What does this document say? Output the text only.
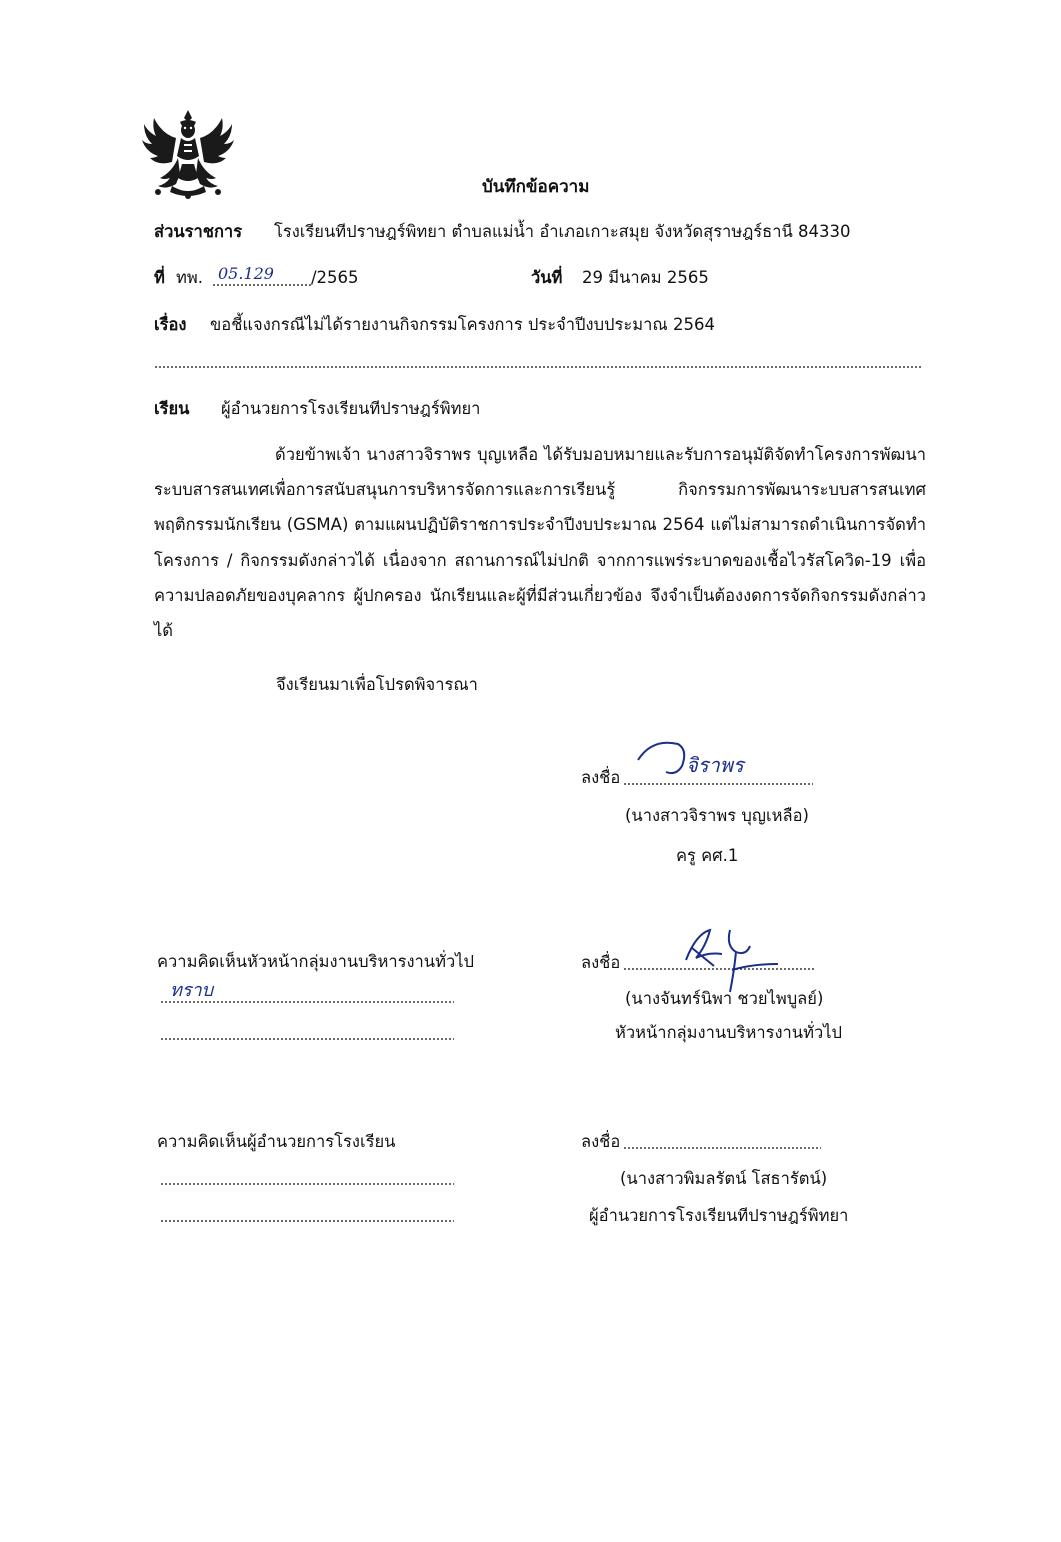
บันทึกข้อความ
ส่วนราชการ โรงเรียนทีปราษฎร์พิทยา ตำบลแม่น้ำ อำเภอเกาะสมุย จังหวัดสุราษฎร์ธานี 84330
ที่ ทพ. 05.129 /2565	วันที่ 29 มีนาคม 2565
เรื่อง ขอชี้แจงกรณีไม่ได้รายงานกิจกรรมโครงการ ประจำปีงบประมาณ 2564
เรียน ผู้อำนวยการโรงเรียนทีปราษฎร์พิทยา
ด้วยข้าพเจ้า นางสาวจิราพร บุญเหลือ ได้รับมอบหมายและรับการอนุมัติจัดทำโครงการพัฒนาระบบสารสนเทศเพื่อการสนับสนุนการบริหารจัดการและการเรียนรู้ กิจกรรมการพัฒนาระบบสารสนเทศพฤติกรรมนักเรียน (GSMA) ตามแผนปฏิบัติราชการประจำปีงบประมาณ 2564 แต่ไม่สามารถดำเนินการจัดทำโครงการ / กิจกรรมดังกล่าวได้ เนื่องจาก สถานการณ์ไม่ปกติ จากการแพร่ระบาดของเชื้อไวรัสโควิด-19 เพื่อความปลอดภัยของบุคลากร ผู้ปกครอง นักเรียนและผู้ที่มีส่วนเกี่ยวข้อง จึงจำเป็นต้องงดการจัดกิจกรรมดังกล่าวได้
จึงเรียนมาเพื่อโปรดพิจารณา
ลงชื่อ
จิราพร
(นางสาวจิราพร บุญเหลือ)
ครู คศ.1
ความคิดเห็นหัวหน้ากลุ่มงานบริหารงานทั่วไป
ทราบ
ลงชื่อ
(นางจันทร์นิพา ชวยไพบูลย์)
หัวหน้ากลุ่มงานบริหารงานทั่วไป
ความคิดเห็นผู้อำนวยการโรงเรียน	ลงชื่อ
(นางสาวพิมลรัตน์ โสธารัตน์)
ผู้อำนวยการโรงเรียนทีปราษฎร์พิทยา
